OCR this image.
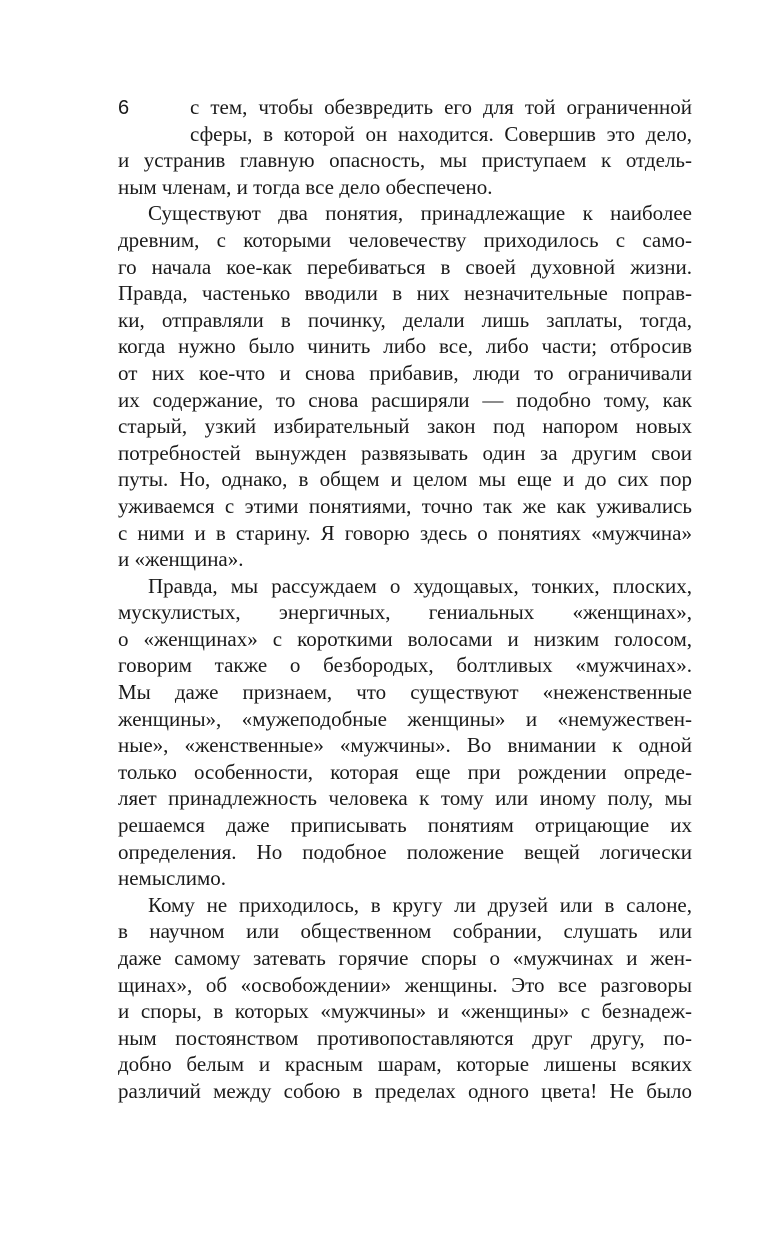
6	с тем, чтобы обезвредить его для той ограниченной
сферы, в которой он находится. Совершив это дело,
и устранив главную опасность, мы приступаем к отдель-
ным членам, и тогда все дело обеспечено.
Существуют два понятия, принадлежащие к наиболее
древним, с которыми человечеству приходилось с само-
го начала кое-как перебиваться в своей духовной жизни.
Правда, частенько вводили в них незначительные поправ-
ки, отправляли в починку, делали лишь заплаты, тогда,
когда нужно было чинить либо все, либо части; отбросив
от них кое-что и снова прибавив, люди то ограничивали
их содержание, то снова расширяли — подобно тому, как
старый, узкий избирательный закон под напором новых
потребностей вынужден развязывать один за другим свои
путы. Но, однако, в общем и целом мы еще и до сих пор
уживаемся с этими понятиями, точно так же как уживались
с ними и в старину. Я говорю здесь о понятиях «мужчина»
и «женщина».
Правда, мы рассуждаем о худощавых, тонких, плоских,
мускулистых, энергичных, гениальных «женщинах»,
о «женщинах» с короткими волосами и низким голосом,
говорим также о безбородых, болтливых «мужчинах».
Мы даже признаем, что существуют «неженственные
женщины», «мужеподобные женщины» и «немужествен-
ные», «женственные» «мужчины». Во внимании к одной
только особенности, которая еще при рождении опреде-
ляет принадлежность человека к тому или иному полу, мы
решаемся даже приписывать понятиям отрицающие их
определения. Но подобное положение вещей логически
немыслимо.
Кому не приходилось, в кругу ли друзей или в салоне,
в научном или общественном собрании, слушать или
даже самому затевать горячие споры о «мужчинах и жен-
щинах», об «освобождении» женщины. Это все разговоры
и споры, в которых «мужчины» и «женщины» с безнадеж-
ным постоянством противопоставляются друг другу, по-
добно белым и красным шарам, которые лишены всяких
различий между собою в пределах одного цвета! Не было
